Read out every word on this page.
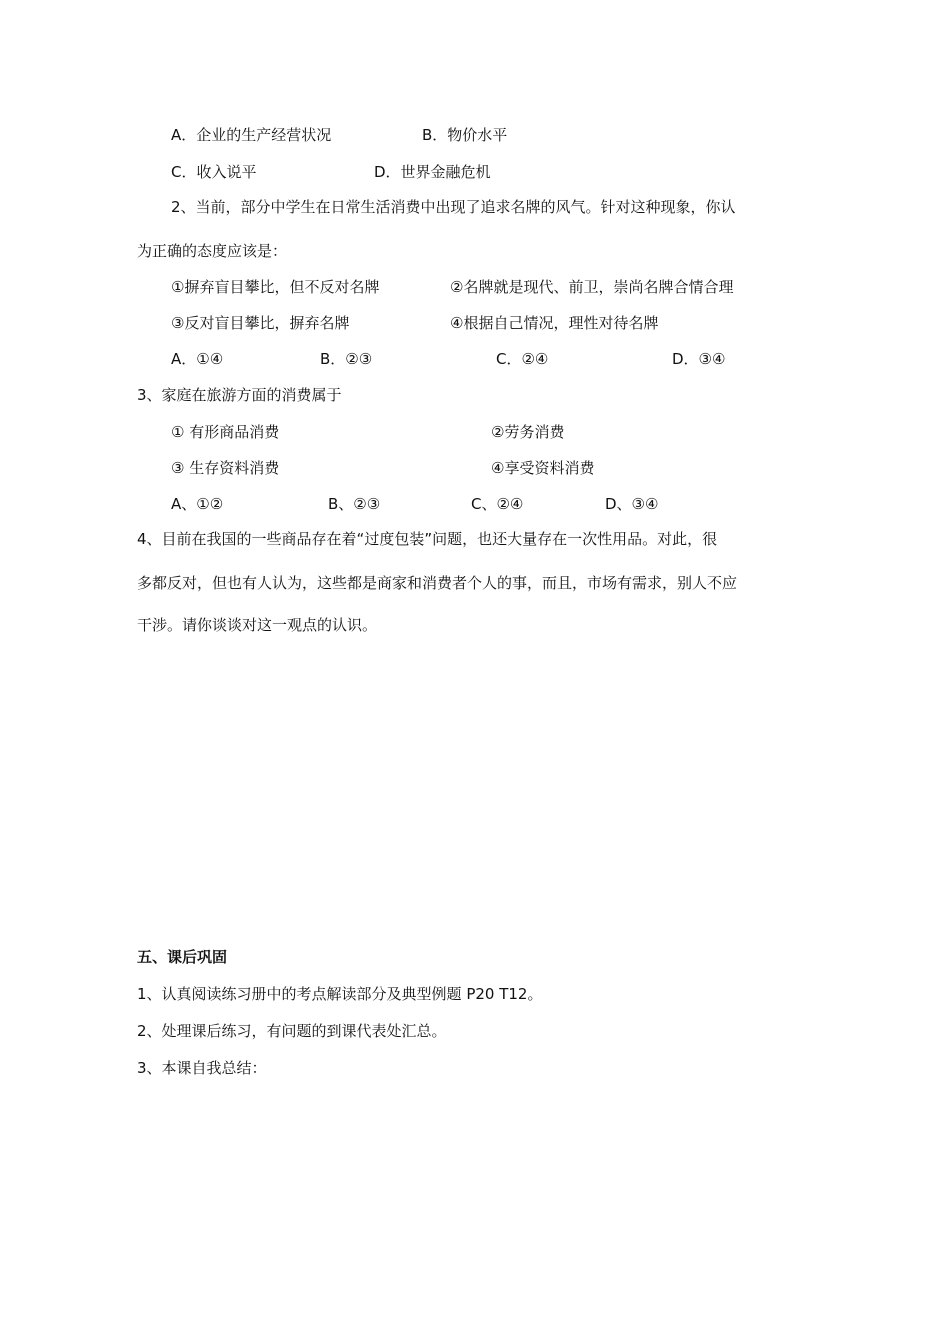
A．企业的生产经营状况	B．物价水平
C．收入说平	D．世界金融危机
2、当前，部分中学生在日常生活消费中出现了追求名牌的风气。针对这种现象，你认
为正确的态度应该是：
①摒弃盲目攀比，但不反对名牌	②名牌就是现代、前卫，崇尚名牌合情合理
③反对盲目攀比，摒弃名牌	④根据自己情况，理性对待名牌
A．①④	B．②③	C．②④	D．③④
3、家庭在旅游方面的消费属于
① 有形商品消费	②劳务消费
③ 生存资料消费	④享受资料消费
A、①②	B、②③	C、②④	D、③④
4、目前在我国的一些商品存在着“过度包装”问题，也还大量存在一次性用品。对此，很
多都反对，但也有人认为，这些都是商家和消费者个人的事，而且，市场有需求，别人不应
干涉。请你谈谈对这一观点的认识。
五、课后巩固
1、认真阅读练习册中的考点解读部分及典型例题 P20 T12。
2、处理课后练习，有问题的到课代表处汇总。
3、本课自我总结：
